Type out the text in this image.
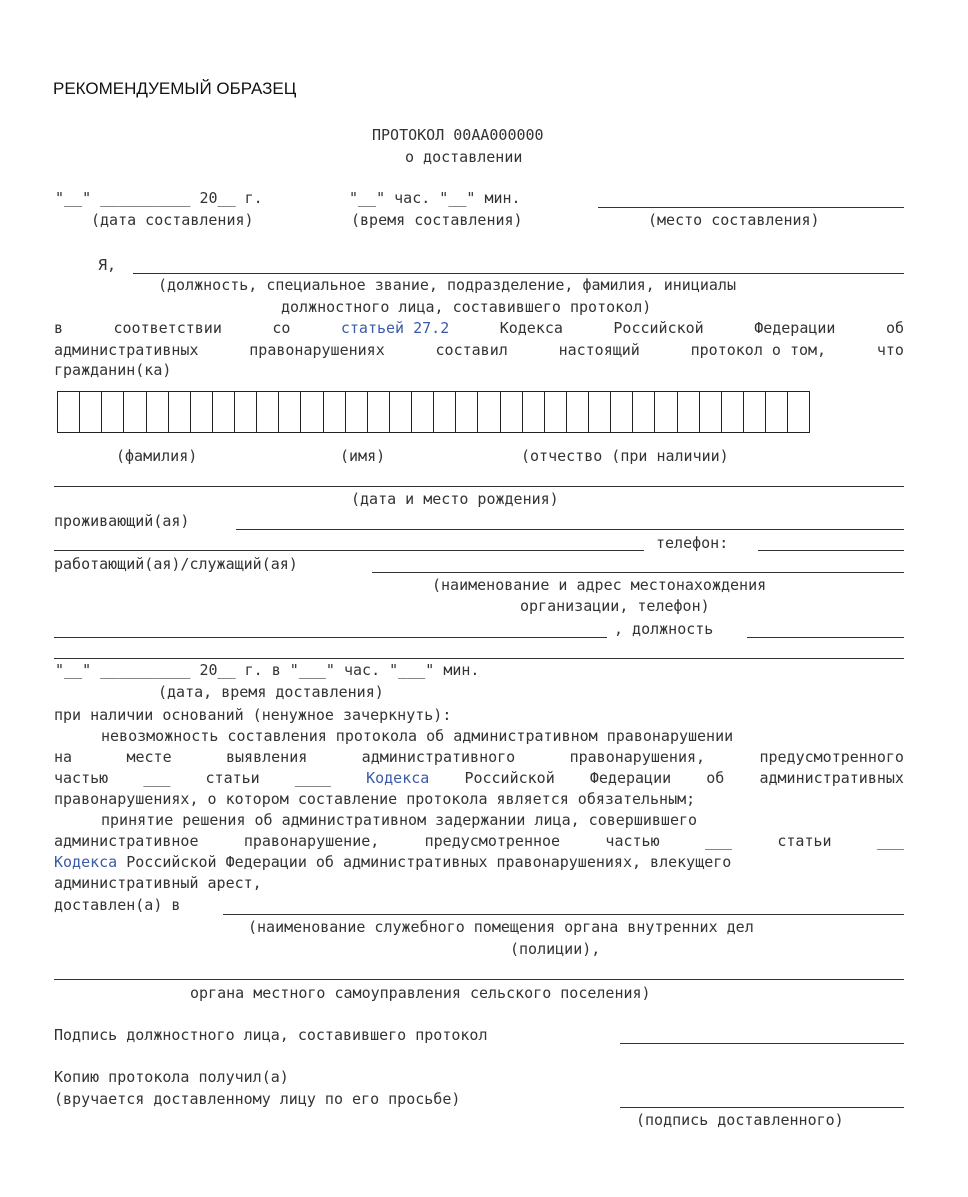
РЕКОМЕНДУЕМЫЙ ОБРАЗЕЦ
ПРОТОКОЛ 00АА000000
о доставлении
"__" __________ 20__ г.	"__" час. "__" мин.
(дата составления)	(время составления)	(место составления)
Я,
(должность, специальное звание, подразделение, фамилия, инициалы
должностного лица, составившего протокол)
в	соответствии	со	статьей 27.2	Кодекса	Российской	Федерации	об
административных	правонарушениях	составил	настоящий	протокол о том,	что
гражданин(ка)
(фамилия)	(имя)	(отчество (при наличии)
(дата и место рождения)
проживающий(ая)
телефон:
работающий(ая)/служащий(ая)
(наименование и адрес местонахождения
организации, телефон)
, должность
"__" __________ 20__ г. в "___" час. "___" мин.
(дата, время доставления)
при наличии оснований (ненужное зачеркнуть):
невозможность составления протокола об административном правонарушении
на	месте	выявления	административного	правонарушения,	предусмотренного
частью ___ статьи ____ Кодекса Российской Федерации об административных
правонарушениях, о котором составление протокола является обязательным;
принятие решения об административном задержании лица, совершившего
административное	правонарушение,	предусмотренное	частью	___	статьи	___
Кодекса Российской Федерации об административных правонарушениях, влекущего
административный арест,
доставлен(а) в
(наименование служебного помещения органа внутренних дел
(полиции),
органа местного самоуправления сельского поселения)
Подпись должностного лица, составившего протокол
Копию протокола получил(а)
(вручается доставленному лицу по его просьбе)
(подпись доставленного)
